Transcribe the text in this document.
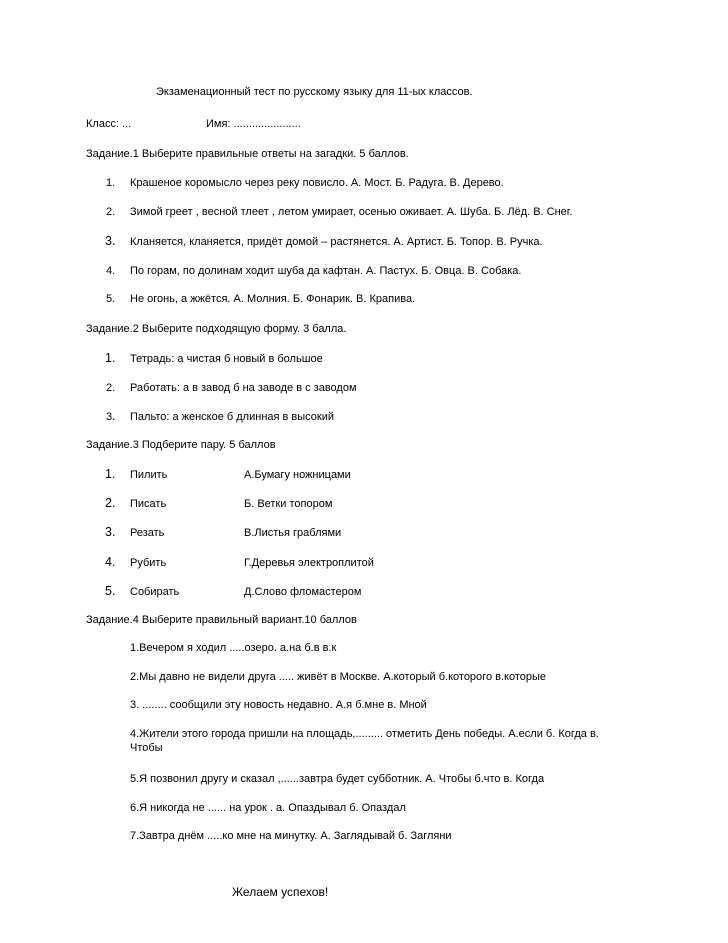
Экзаменационный тест по русскому языку для 11-ых классов.
Класс: ...	Имя: ......................
Задание.1 Выберите правильные ответы на загадки. 5 баллов.
1.	Крашеное коромысло через реку повисло. А. Мост. Б. Радуга. В. Дерево.
2.	Зимой греет , весной тлеет , летом умирает, осенью оживает. А. Шуба. Б. Лёд. В. Снег.
3.	Кланяется, кланяется, придёт домой – растянется. А. Артист. Б. Топор. В. Ручка.
4.	По горам, по долинам ходит шуба да кафтан. А. Пастух. Б. Овца. В. Собака.
5.	Не огонь, а жжётся. А. Молния. Б. Фонарик. В. Крапива.
Задание.2 Выберите подходящую форму. 3 балла.
1.	Тетрадь: а чистая б новый в большое
2.	Работать: а в завод б на заводе в с заводом
3.	Пальто: а женское б длинная в высокий
Задание.3 Подберите пару. 5 баллов
1.	Пилить	А.Бумагу ножницами
2.	Писать	Б. Ветки топором
3.	Резать	В.Листья граблями
4.	Рубить	Г.Деревья электроплитой
5.	Собирать	Д.Слово фломастером
Задание.4 Выберите правильный вариант.10 баллов
1.Вечером я ходил .....озеро. а.на б.в в.к
2.Мы давно не видели друга ..... живёт в Москве. А.который б.которого в.которые
3. ........ сообщили эту новость недавно. А.я б.мне в. Мной
4.Жители этого города пришли на площадь,......... отметить День победы. А.если б. Когда в. Чтобы
5.Я позвонил другу и сказал ,......завтра будет субботник. А. Чтобы б.что в. Когда
6.Я никогда не ...... на урок . а. Опаздывал б. Опаздал
7.Завтра днём .....ко мне на минутку. А. Заглядывай б. Загляни
Желаем успехов!
